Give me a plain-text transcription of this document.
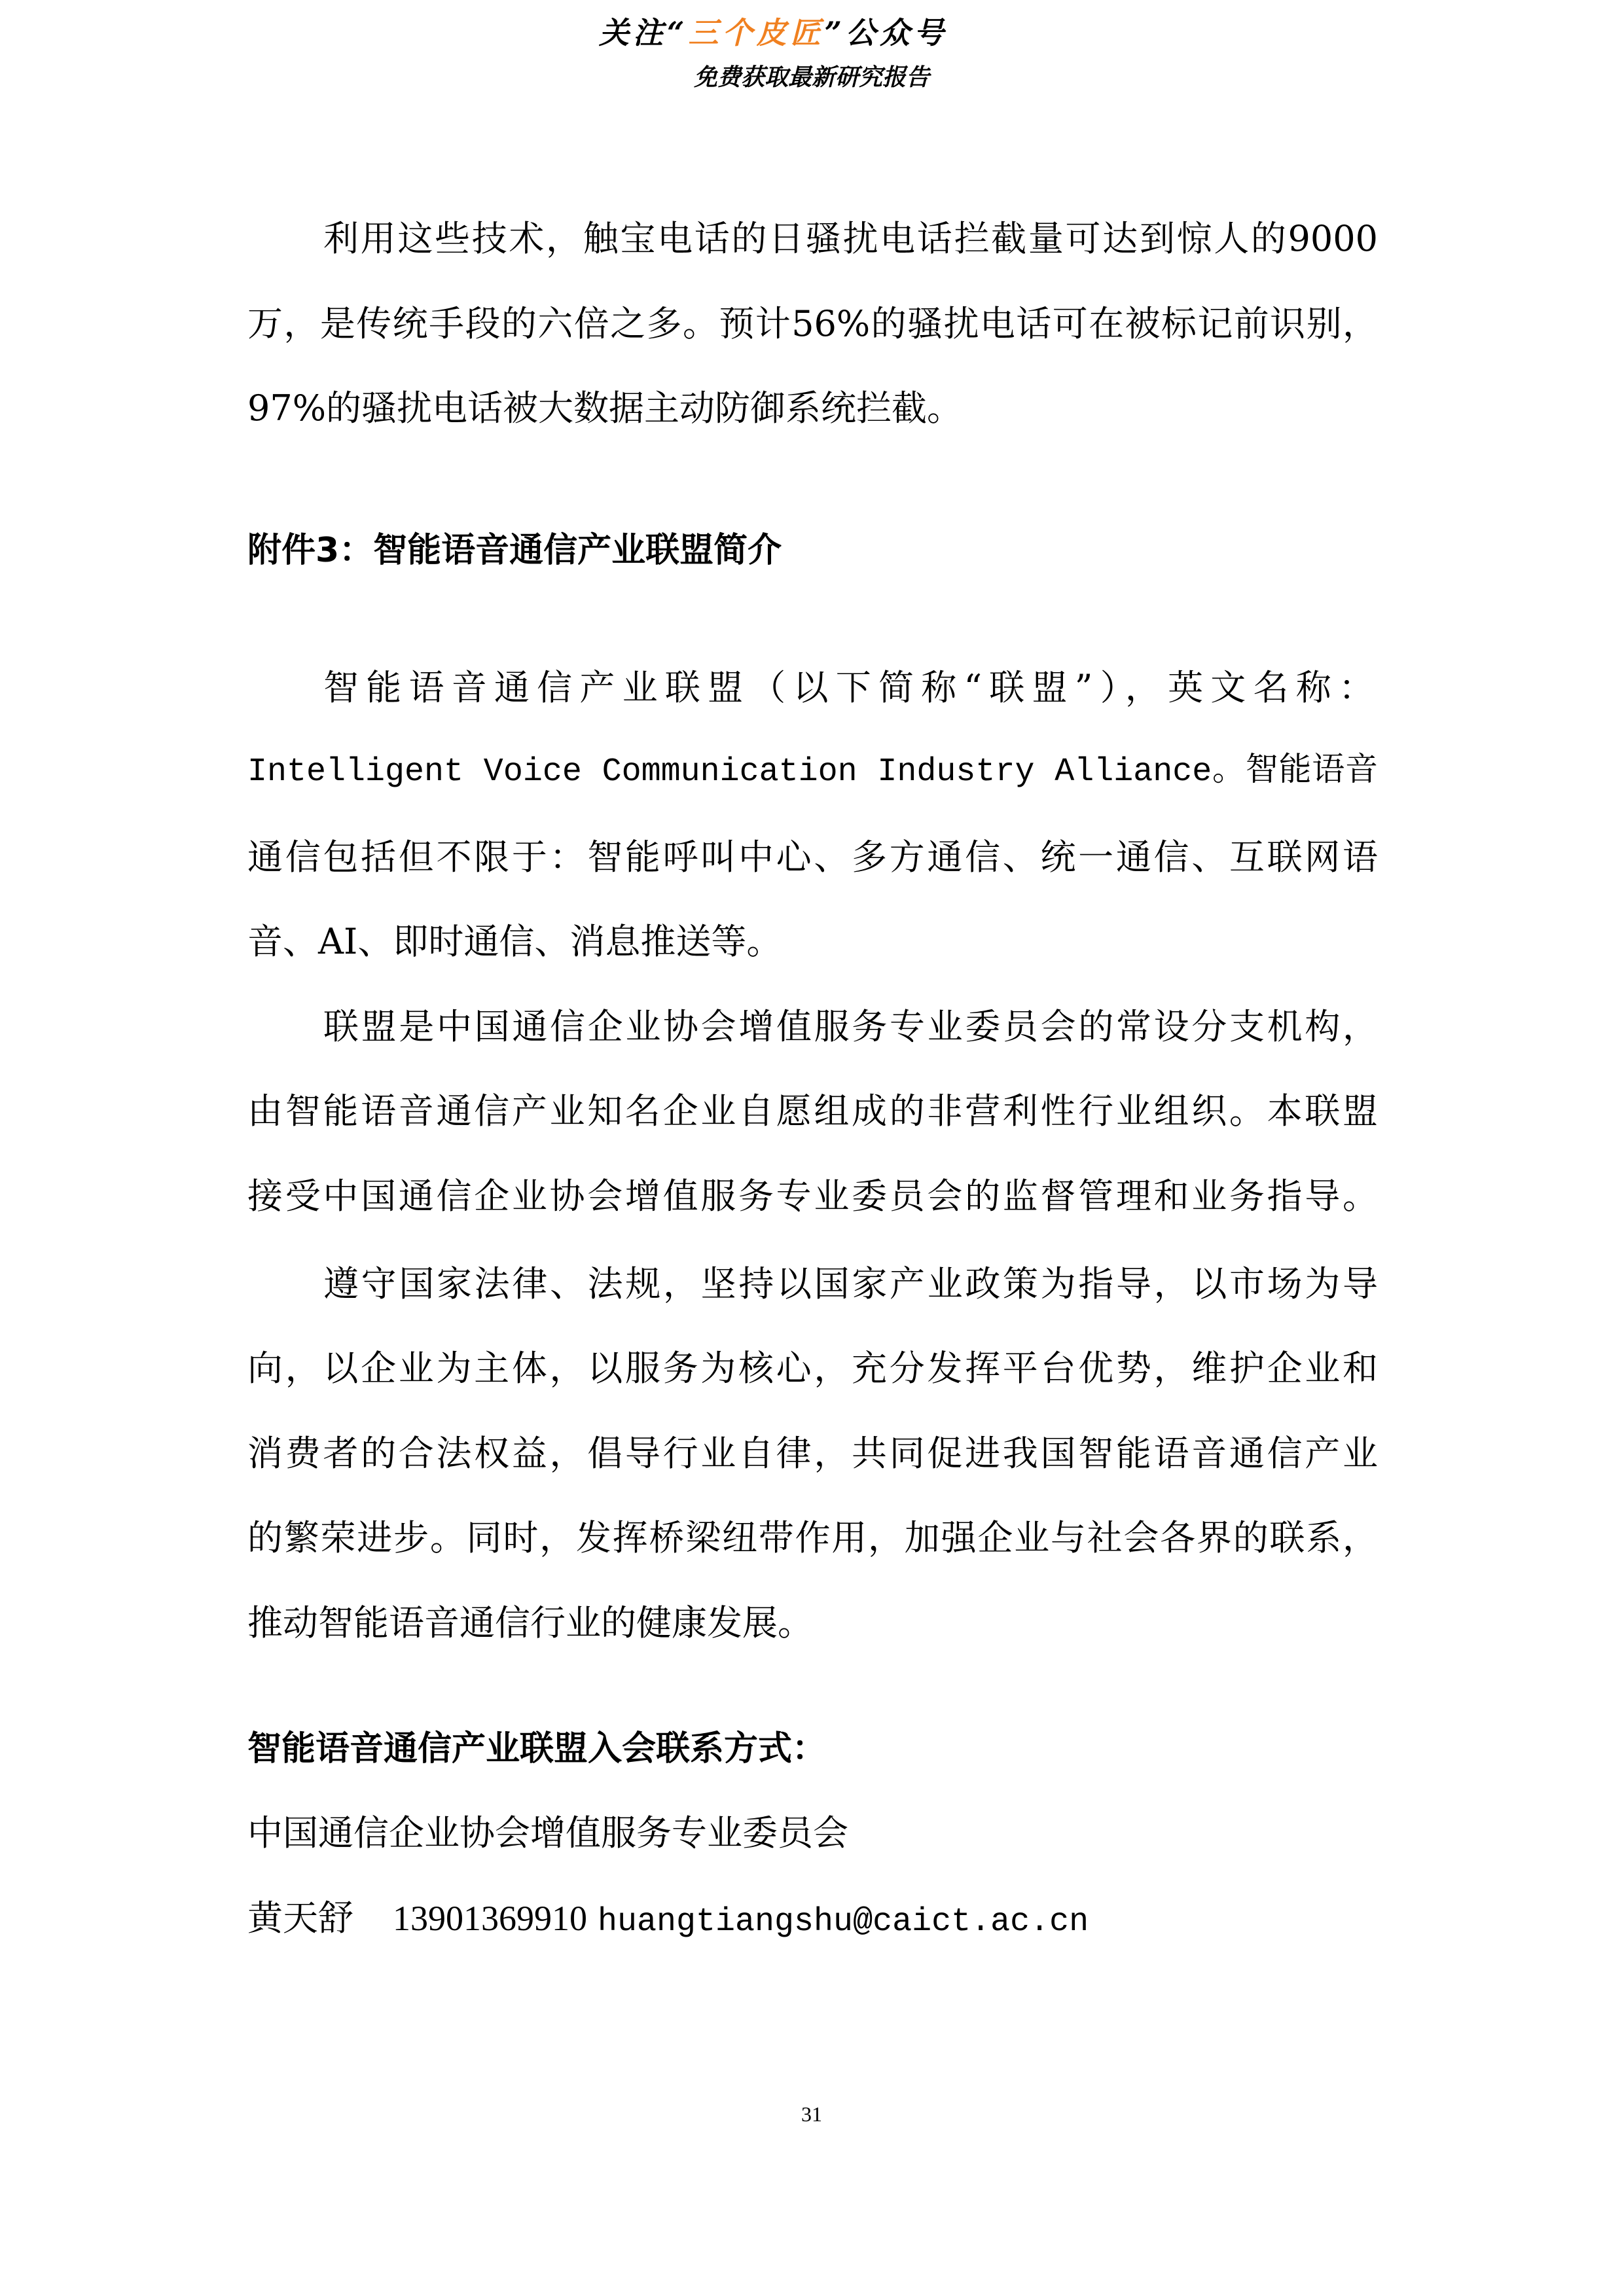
关注“三个皮匠”公众号
免费获取最新研究报告
利用这些技术，触宝电话的日骚扰电话拦截量可达到惊人的9000
万，是传统手段的六倍之多。预计56%的骚扰电话可在被标记前识别，
97%的骚扰电话被大数据主动防御系统拦截。
附件3：智能语音通信产业联盟简介
智能语音通信产业联盟（以下简称“联盟”），英文名称：
Intelligent Voice Communication Industry Alliance。智能语音
通信包括但不限于：智能呼叫中心、多方通信、统一通信、互联网语
音、AI、即时通信、消息推送等。
联盟是中国通信企业协会增值服务专业委员会的常设分支机构，
由智能语音通信产业知名企业自愿组成的非营利性行业组织。本联盟
接受中国通信企业协会增值服务专业委员会的监督管理和业务指导。
遵守国家法律、法规，坚持以国家产业政策为指导，以市场为导
向，以企业为主体，以服务为核心，充分发挥平台优势，维护企业和
消费者的合法权益，倡导行业自律，共同促进我国智能语音通信产业
的繁荣进步。同时，发挥桥梁纽带作用，加强企业与社会各界的联系，
推动智能语音通信行业的健康发展。
智能语音通信产业联盟入会联系方式：
中国通信企业协会增值服务专业委员会
黄天舒 13901369910 huangtiangshu@caict.ac.cn
31
